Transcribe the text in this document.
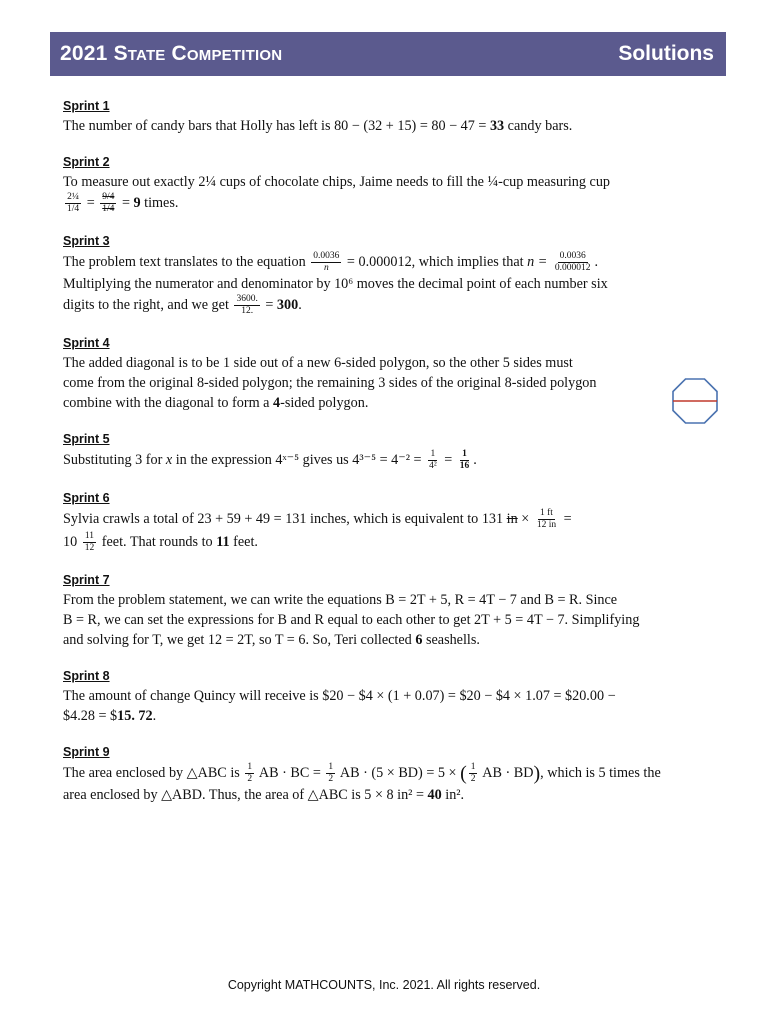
2021 State Competition	Solutions
Sprint 1
The number of candy bars that Holly has left is 80 − (32 + 15) = 80 − 47 = 33 candy bars.
Sprint 2
To measure out exactly 2¼ cups of chocolate chips, Jaime needs to fill the ¼-cup measuring cup
$\frac{\text{2¼}}{1/4} = \frac{9/4}{1/4} = 9$ times.
Sprint 3
The problem text translates to the equation $\frac{0.0036}{n} = 0.000012$, which implies that $n = \frac{0.0036}{0.000012}$ .
Multiplying the numerator and denominator by 10⁶ moves the decimal point of each number six
digits to the right, and we get $\frac{3600.}{12.} = 300$.
Sprint 4
The added diagonal is to be 1 side out of a new 6-sided polygon, so the other 5 sides must
come from the original 8-sided polygon; the remaining 3 sides of the original 8-sided polygon
combine with the diagonal to form a 4-sided polygon.
Sprint 5
Substituting 3 for x in the expression 4ˣ⁻⁵ gives us $4^{3-5} = 4^{-2} = \frac{1}{\text{4²}} = \frac{1}{16}$ .
Sprint 6
Sylvia crawls a total of 23 + 59 + 49 = 131 inches, which is equivalent to 131 in × $\frac{1 ft}{12 in}$ =
$10 \frac{11}{12}$ feet. That rounds to 11 feet.
Sprint 7
From the problem statement, we can write the equations B = 2T + 5, R = 4T − 7 and B = R. Since
B = R, we can set the expressions for B and R equal to each other to get 2T + 5 = 4T − 7. Simplifying
and solving for T, we get 12 = 2T, so T = 6. So, Teri collected 6 seashells.
Sprint 8
The amount of change Quincy will receive is $20 − $4 × (1 + 0.07) = $20 − $4 × 1.07 = $20.00 −
$4.28 = $15. 72.
Sprint 9
The area enclosed by △ABC is $\frac{1}{2}$ AB · BC = $\frac{1}{2}$ AB · (5 × BD) = 5 × ( $\frac{1}{2}$ AB · BD), which is 5 times the
area enclosed by △ABD. Thus, the area of △ABC is 5 × 8 in² = 40 in².
Copyright MATHCOUNTS, Inc. 2021. All rights reserved.
